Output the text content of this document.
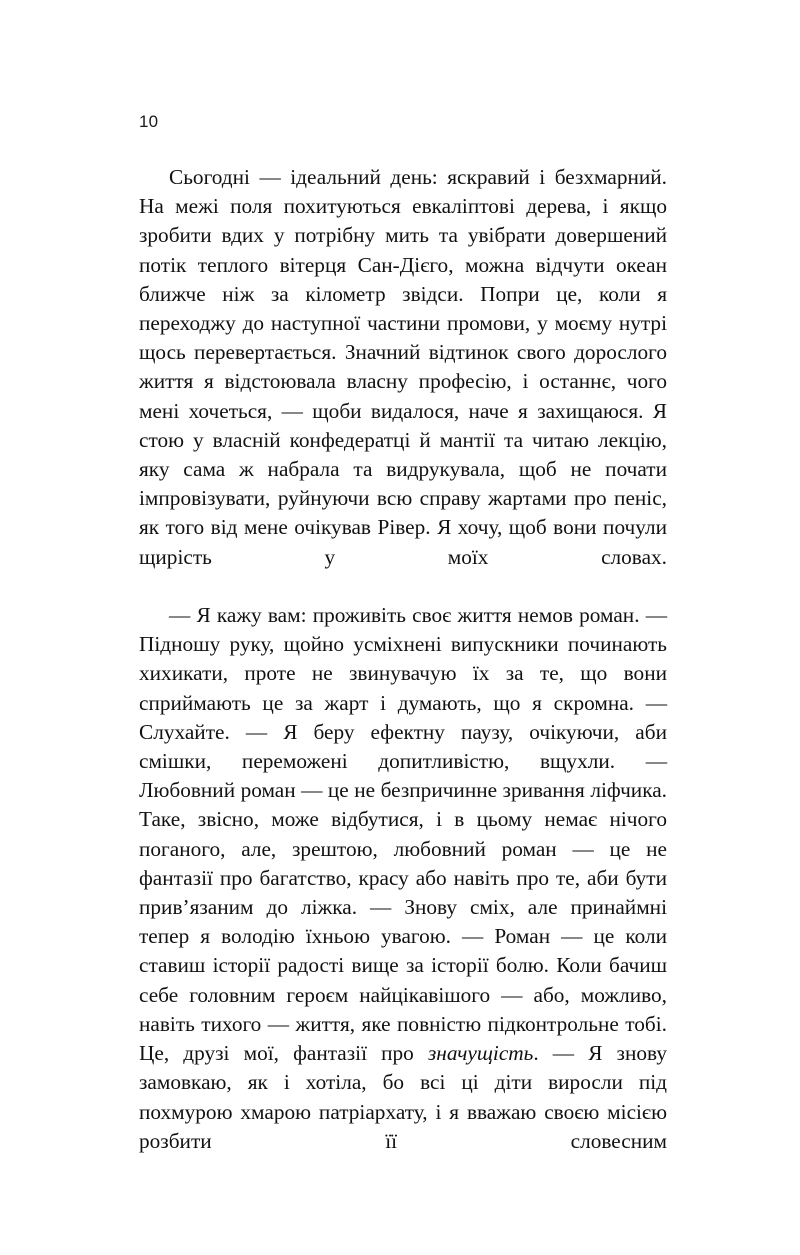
10

Сьогодні — ідеальний день: яскравий і безхмарний. На межі поля похитуються евкаліптові дерева, і якщо зробити вдих у потрібну мить та увібрати довершений потік теплого вітерця Сан-Дієго, можна відчути океан ближче ніж за кілометр звідси. Попри це, коли я переходжу до наступної частини промови, у моєму нутрі щось перевертається. Значний відтинок свого дорослого життя я відстоювала власну професію, і останнє, чого мені хочеться, — щоби видалося, наче я захищаюся. Я стою у власній конфедератці й мантії та читаю лекцію, яку сама ж набрала та видрукувала, щоб не почати імпровізувати, руйнуючи всю справу жартами про пеніс, як того від мене очікував Рівер. Я хочу, щоб вони почули щирість у моїх словах.

— Я кажу вам: проживіть своє життя немов роман. — Підношу руку, щойно усміхнені випускники починають хихикати, проте не звинувачую їх за те, що вони сприймають це за жарт і думають, що я скромна. — Слухайте. — Я беру ефектну паузу, очікуючи, аби смішки, переможені допитливістю, вщухли. — Любовний роман — це не безпричинне зривання ліфчика. Таке, звісно, може відбутися, і в цьому немає нічого поганого, але, зрештою, любовний роман — це не фантазії про багатство, красу або навіть про те, аби бути прив’язаним до ліжка. — Знову сміх, але принаймні тепер я володію їхньою увагою. — Роман — це коли ставиш історії радості вище за історії болю. Коли бачиш себе головним героєм найцікавішого — або, можливо, навіть тихого — життя, яке повністю підконтрольне тобі. Це, друзі мої, фантазії про значущість. — Я знову замовкаю, як і хотіла, бо всі ці діти виросли під похмурою хмарою патріархату, і я вважаю своєю місією розбити її словесним
